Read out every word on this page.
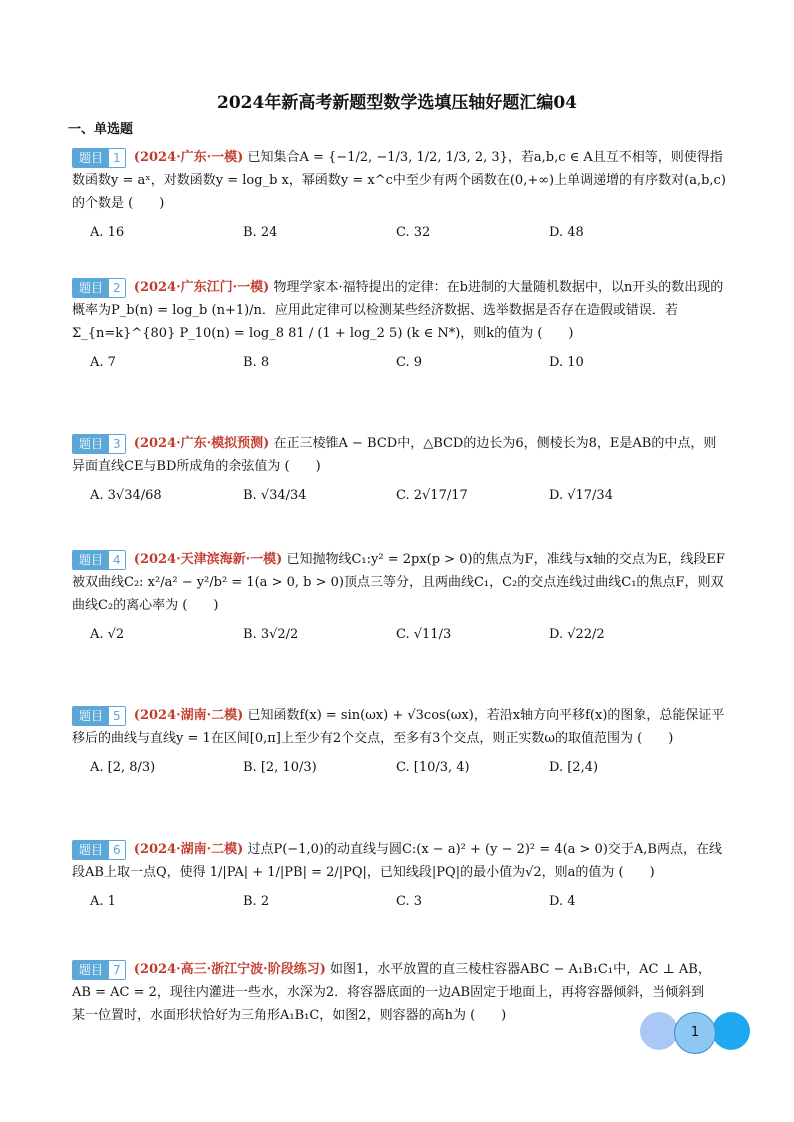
2024年新高考新题型数学选填压轴好题汇编04
一、单选题
题目 1 (2024·广东·一模) 已知集合A = {−1/2, −1/3, 1/2, 1/3, 2, 3}，若a,b,c ∈ A且互不相等，则使得指数函数y = aˣ，对数函数y = log_b x，幂函数y = x^c中至少有两个函数在(0,+∞)上单调递增的有序数对(a,b,c)的个数是 (　　)
A. 16	B. 24	C. 32	D. 48
题目 2 (2024·广东江门·一模) 物理学家本·福特提出的定律：在b进制的大量随机数据中，以n开头的数出现的概率为P_b(n) = log_b (n+1)/n．应用此定律可以检测某些经济数据、选举数据是否存在造假或错误．若 Σ_{n=k}^{80} P_10(n) = log_8 81 / (1 + log_2 5) (k ∈ N*)，则k的值为 (　　)
A. 7	B. 8	C. 9	D. 10
题目 3 (2024·广东·模拟预测) 在正三棱锥A − BCD中，△BCD的边长为6，侧棱长为8，E是AB的中点，则异面直线CE与BD所成角的余弦值为 (　　)
A. 3√34/68	B. √34/34	C. 2√17/17	D. √17/34
题目 4 (2024·天津滨海新·一模) 已知抛物线C₁:y² = 2px(p > 0)的焦点为F，准线与x轴的交点为E，线段EF被双曲线C₂: x²/a² − y²/b² = 1(a > 0, b > 0)顶点三等分，且两曲线C₁，C₂的交点连线过曲线C₁的焦点F，则双曲线C₂的离心率为 (　　)
A. √2	B. 3√2/2	C. √11/3	D. √22/2
题目 5 (2024·湖南·二模) 已知函数f(x) = sin(ωx) + √3cos(ωx)，若沿x轴方向平移f(x)的图象，总能保证平移后的曲线与直线y = 1在区间[0,π]上至少有2个交点，至多有3个交点，则正实数ω的取值范围为 (　　)
A. [2, 8/3)	B. [2, 10/3)	C. [10/3, 4)	D. [2,4)
题目 6 (2024·湖南·二模) 过点P(−1,0)的动直线与圆C:(x − a)² + (y − 2)² = 4(a > 0)交于A,B两点，在线段AB上取一点Q，使得 1/|PA| + 1/|PB| = 2/|PQ|，已知线段|PQ|的最小值为√2，则a的值为 (　　)
A. 1	B. 2	C. 3	D. 4
题目 7 (2024·高三·浙江宁波·阶段练习) 如图1，水平放置的直三棱柱容器ABC − A₁B₁C₁中，AC ⊥ AB，AB = AC = 2，现往内灌进一些水，水深为2．将容器底面的一边AB固定于地面上，再将容器倾斜，当倾斜到某一位置时，水面形状恰好为三角形A₁B₁C，如图2，则容器的高h为 (　　)
1
